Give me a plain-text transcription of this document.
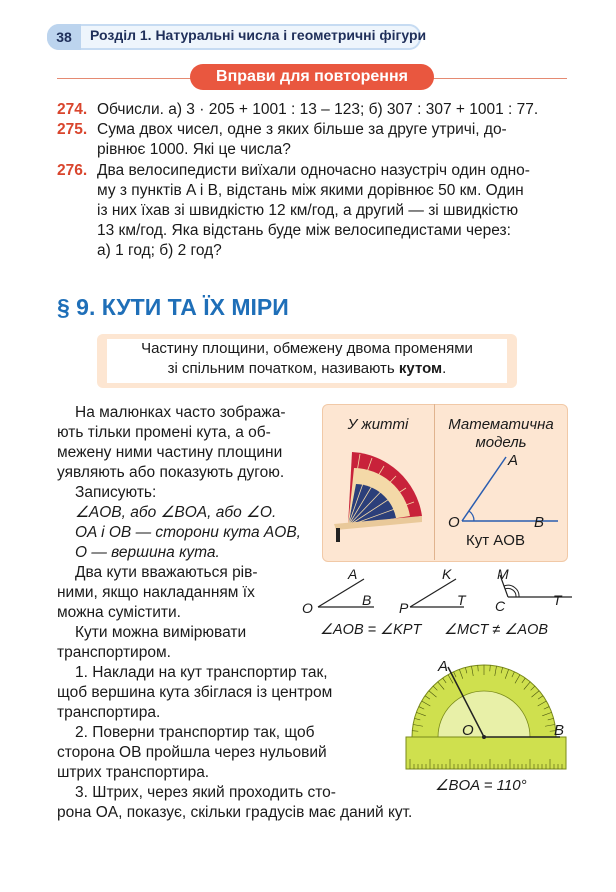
38	Розділ 1. Натуральні числа і геометричні фігури
Вправи для повторення
274. Обчисли. а) 3 · 205 + 1001 : 13 – 123; б) 307 : 307 + 1001 : 77.
275. Сума двох чисел, одне з яких більше за друге утричі, до-
рівнює 1000. Які це числа?
276. Два велосипедисти виїхали одночасно назустріч один одно-
му з пунктів A і B, відстань між якими дорівнює 50 км. Один
із них їхав зі швидкістю 12 км/год, а другий — зі швидкістю
13 км/год. Яка відстань буде між велосипедистами через:
а) 1 год; б) 2 год?
§ 9. КУТИ ТА ЇХ МІРИ
Частину площини, обмежену двома променями
зі спільним початком, називають кутом.
На малюнках часто зобража-
ють тільки промені кута, а об-
межену ними частину площини
уявляють або показують дугою.
Записують:
∠AOB, або ∠BOA, або ∠O.
OA і OB — сторони кута AOB,
O — вершина кута.
Два кути вважаються рів-
ними, якщо накладанням їх
можна сумістити.
Кути можна вимірювати
транспортиром.
1. Наклади на кут транспортир так,
щоб вершина кута збіглася із центром
транспортира.
2. Поверни транспортир так, щоб
сторона OB пройшла через нульовий
штрих транспортира.
3. Штрих, через який проходить сто-
рона OA, показує, скільки градусів має даний кут.
У житті	Математична
модель
A
O	B
Кут AOB
O
A
B P
K
T C
M
T
∠AOB = ∠KPT ∠MCT ≠ ∠AOB
A
O	B
∠BOA = 110°
